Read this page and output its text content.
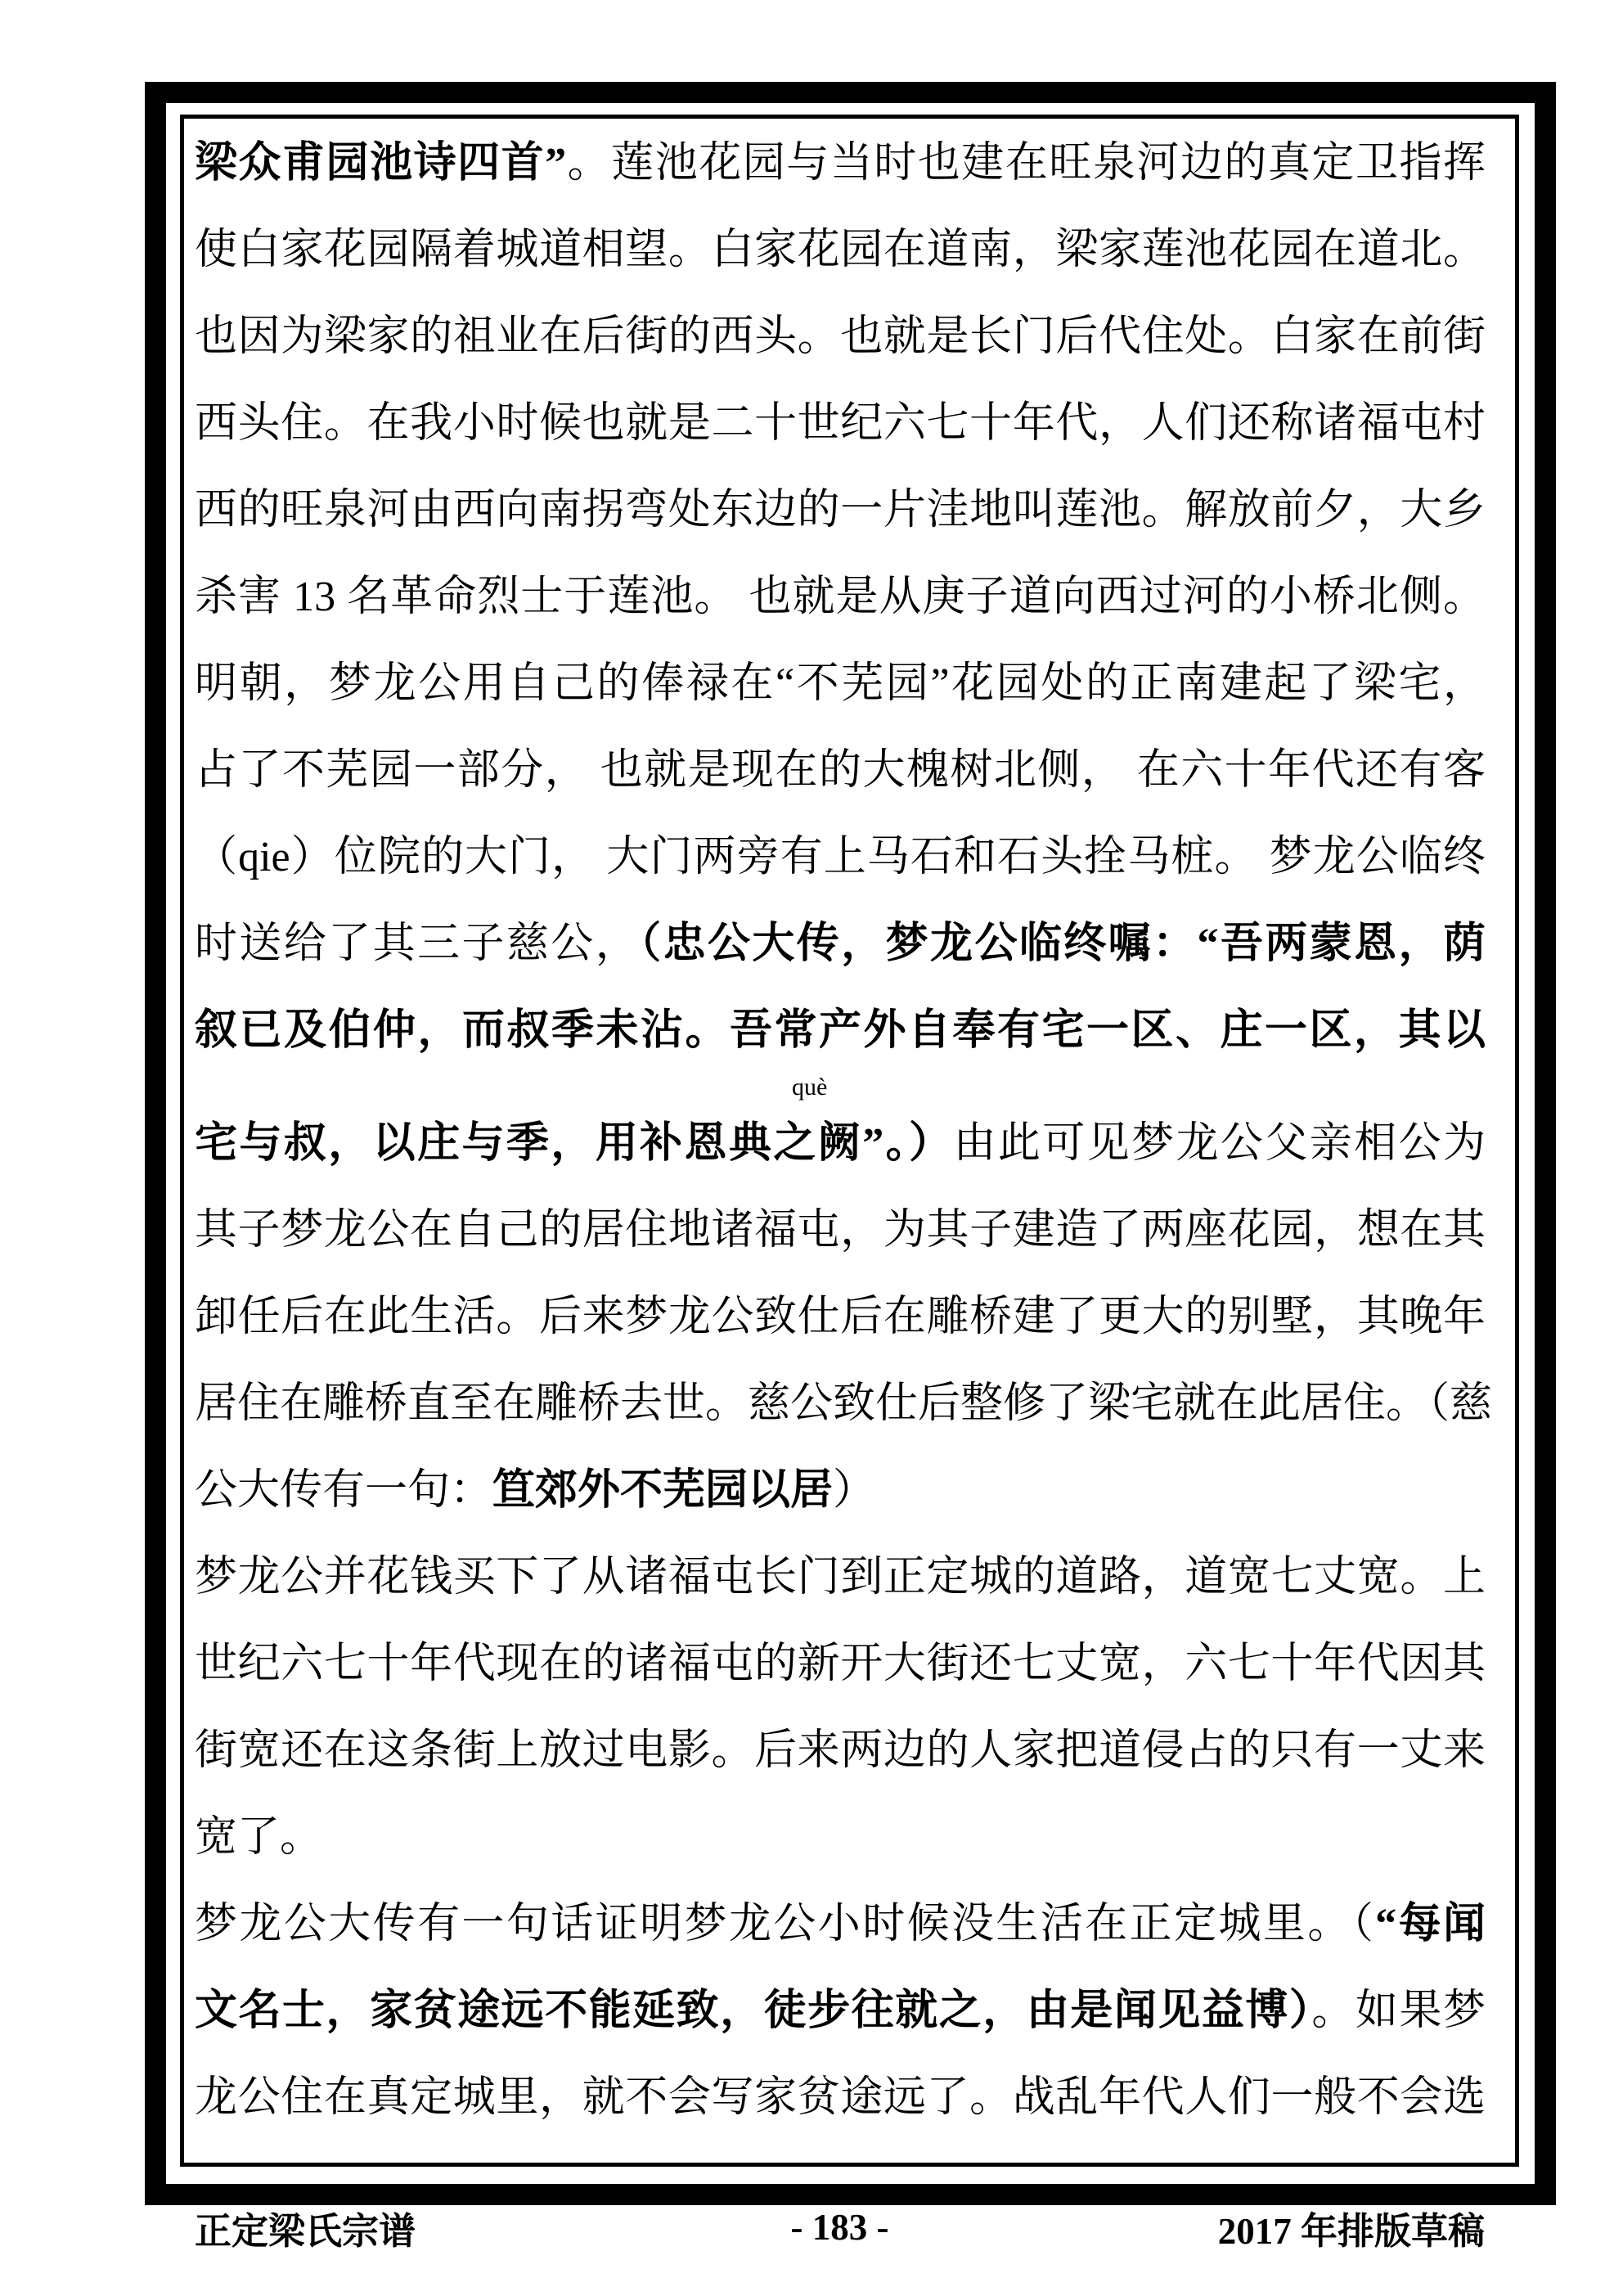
梁众甫园池诗四首”。莲池花园与当时也建在旺泉河边的真定卫指挥
使白家花园隔着城道相望。白家花园在道南，梁家莲池花园在道北。
也因为梁家的祖业在后街的西头。也就是长门后代住处。白家在前街
西头住。在我小时候也就是二十世纪六七十年代，人们还称诸福屯村
西的旺泉河由西向南拐弯处东边的一片洼地叫莲池。解放前夕，大乡
杀害 13 名革命烈士于莲池。 也就是从庚子道向西过河的小桥北侧。
明朝，梦龙公用自己的俸禄在“不芜园”花园处的正南建起了梁宅，
占了不芜园一部分， 也就是现在的大槐树北侧， 在六十年代还有客
（qie）位院的大门， 大门两旁有上马石和石头拴马桩。 梦龙公临终
时送给了其三子慈公，（忠公大传，梦龙公临终嘱：“吾两蒙恩，荫
叙已及伯仲，而叔季未沾。吾常产外自奉有宅一区、庄一区，其以
què
宅与叔，以庄与季，用补恩典之阙”。）由此可见梦龙公父亲相公为
其子梦龙公在自己的居住地诸福屯，为其子建造了两座花园，想在其
卸任后在此生活。后来梦龙公致仕后在雕桥建了更大的别墅，其晚年
居住在雕桥直至在雕桥去世。慈公致仕后整修了梁宅就在此居住。（慈
公大传有一句：笪郊外不芜园以居）
梦龙公并花钱买下了从诸福屯长门到正定城的道路，道宽七丈宽。上
世纪六七十年代现在的诸福屯的新开大街还七丈宽，六七十年代因其
街宽还在这条街上放过电影。后来两边的人家把道侵占的只有一丈来
宽了。
梦龙公大传有一句话证明梦龙公小时候没生活在正定城里。（“每闻
文名士，家贫途远不能延致，徒步往就之，由是闻见益博）。如果梦
龙公住在真定城里，就不会写家贫途远了。战乱年代人们一般不会选
正定梁氏宗谱	- 183 -	2017 年排版草稿
